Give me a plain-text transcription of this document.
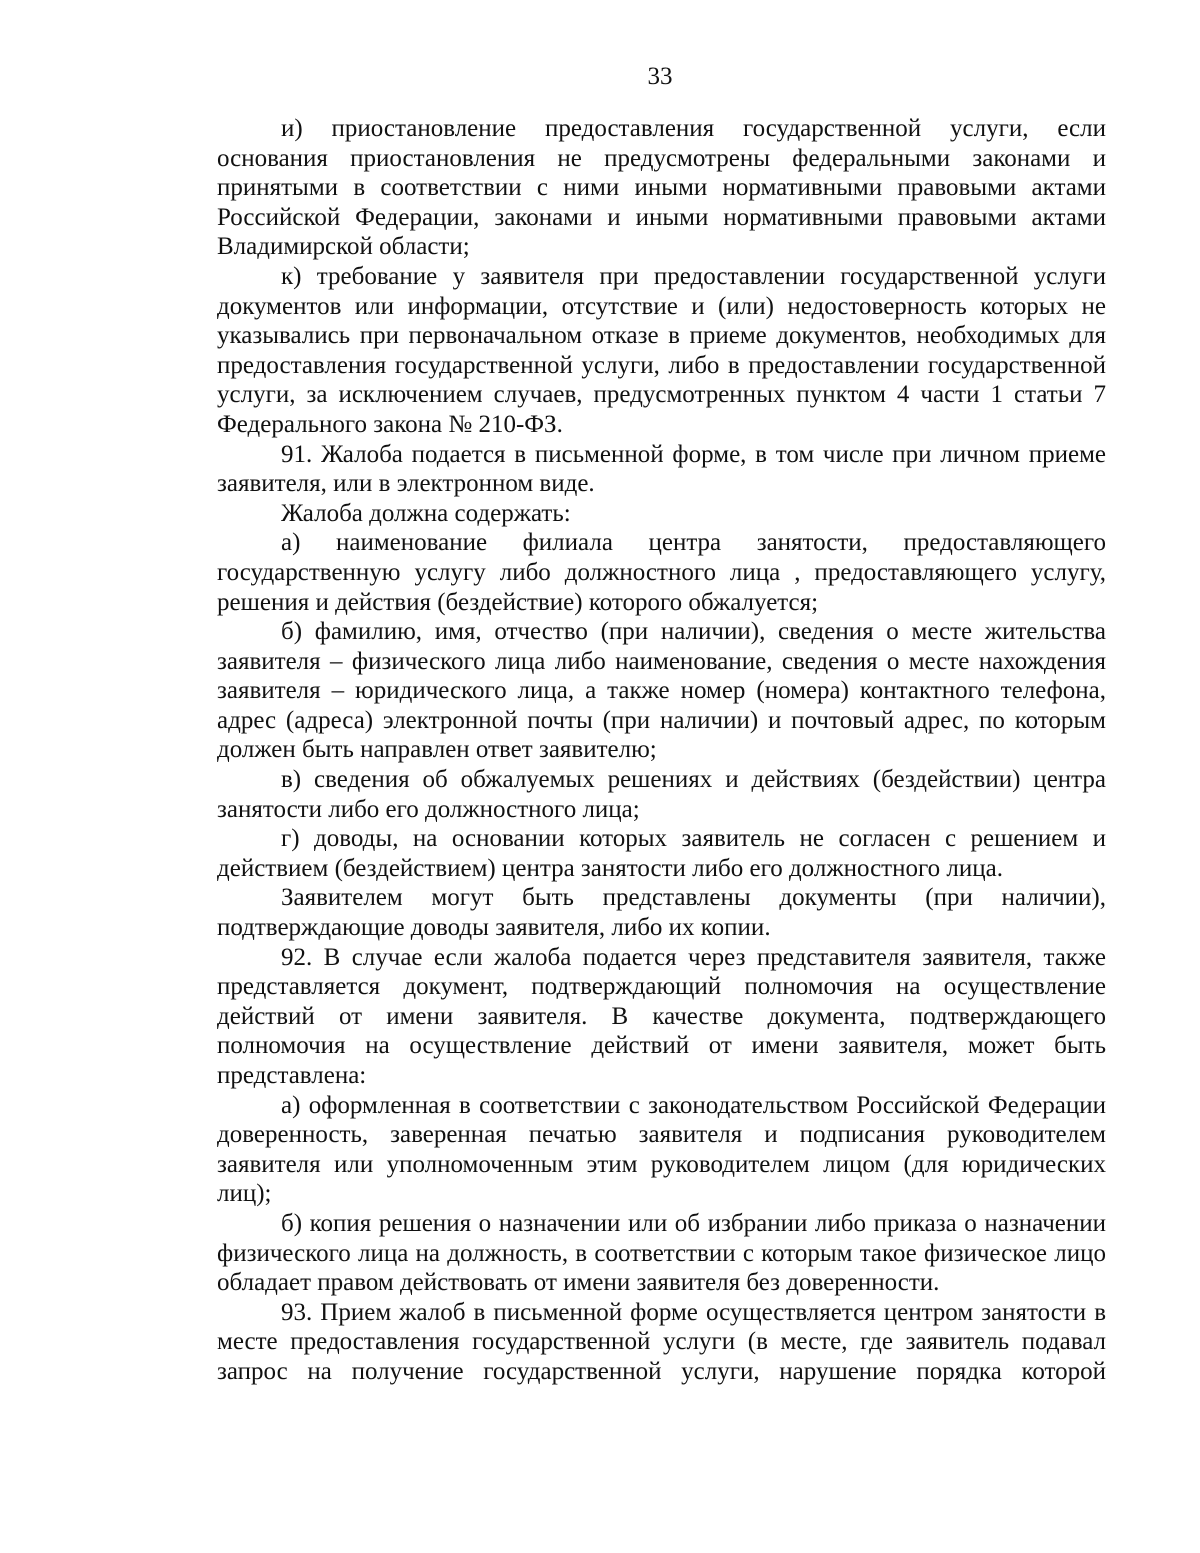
33

и) приостановление предоставления государственной услуги, если основания приостановления не предусмотрены федеральными законами и принятыми в соответствии с ними иными нормативными правовыми актами Российской Федерации, законами и иными нормативными правовыми актами Владимирской области;

к) требование у заявителя при предоставлении государственной услуги документов или информации, отсутствие и (или) недостоверность которых не указывались при первоначальном отказе в приеме документов, необходимых для предоставления государственной услуги, либо в предоставлении государственной услуги, за исключением случаев, предусмотренных пунктом 4 части 1 статьи 7 Федерального закона № 210-ФЗ.

91. Жалоба подается в письменной форме, в том числе при личном приеме заявителя, или в электронном виде.

Жалоба должна содержать:

а) наименование филиала центра занятости, предоставляющего государственную услугу либо должностного лица , предоставляющего услугу, решения и действия (бездействие) которого обжалуется;

б) фамилию, имя, отчество (при наличии), сведения о месте жительства заявителя – физического лица либо наименование, сведения о месте нахождения заявителя – юридического лица, а также номер (номера) контактного телефона, адрес (адреса) электронной почты (при наличии) и почтовый адрес, по которым должен быть направлен ответ заявителю;

в) сведения об обжалуемых решениях и действиях (бездействии) центра занятости либо его должностного лица;

г) доводы, на основании которых заявитель не согласен с решением и действием (бездействием) центра занятости либо его должностного лица.

Заявителем могут быть представлены документы (при наличии), подтверждающие доводы заявителя, либо их копии.

92. В случае если жалоба подается через представителя заявителя, также представляется документ, подтверждающий полномочия на осуществление действий от имени заявителя. В качестве документа, подтверждающего полномочия на осуществление действий от имени заявителя, может быть представлена:

а) оформленная в соответствии с законодательством Российской Федерации доверенность, заверенная печатью заявителя и подписания руководителем заявителя или уполномоченным этим руководителем лицом (для юридических лиц);

б) копия решения о назначении или об избрании либо приказа о назначении физического лица на должность, в соответствии с которым такое физическое лицо обладает правом действовать от имени заявителя без доверенности.

93. Прием жалоб в письменной форме осуществляется центром занятости в месте предоставления государственной услуги (в месте, где заявитель подавал запрос на получение государственной услуги, нарушение порядка которой
